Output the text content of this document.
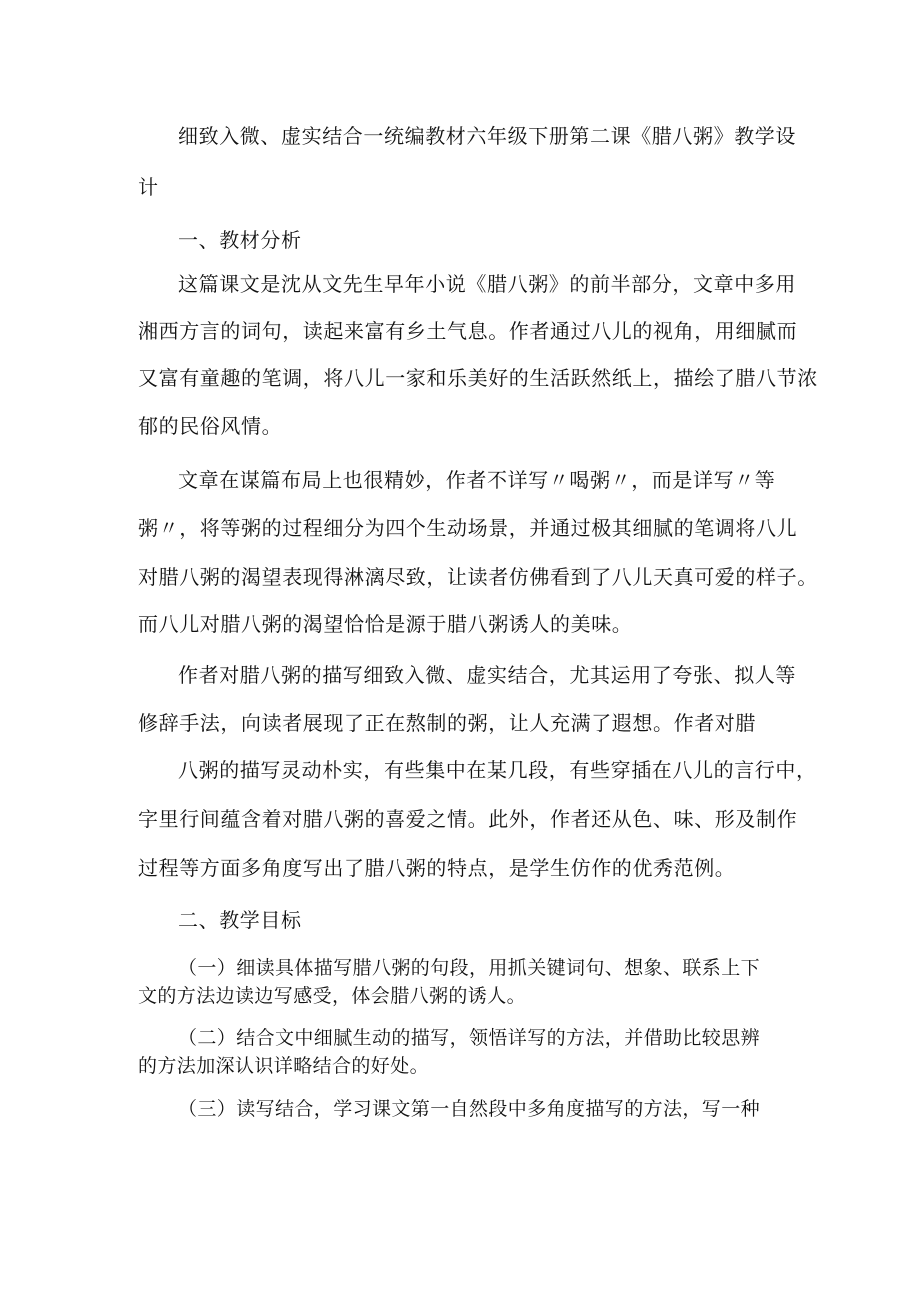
细致入微、虚实结合一统编教材六年级下册第二课《腊八粥》教学设
计
一、教材分析
这篇课文是沈从文先生早年小说《腊八粥》的前半部分，文章中多用
湘西方言的词句，读起来富有乡土气息。作者通过八儿的视角，用细腻而
又富有童趣的笔调，将八儿一家和乐美好的生活跃然纸上，描绘了腊八节浓
郁的民俗风情。
文章在谋篇布局上也很精妙，作者不详写〃喝粥〃，而是详写〃等
粥〃，将等粥的过程细分为四个生动场景，并通过极其细腻的笔调将八儿
对腊八粥的渴望表现得淋漓尽致，让读者仿佛看到了八儿天真可爱的样子。
而八儿对腊八粥的渴望恰恰是源于腊八粥诱人的美味。
作者对腊八粥的描写细致入微、虚实结合，尤其运用了夸张、拟人等
修辞手法，向读者展现了正在熬制的粥，让人充满了遐想。作者对腊
八粥的描写灵动朴实，有些集中在某几段，有些穿插在八儿的言行中，
字里行间蕴含着对腊八粥的喜爱之情。此外，作者还从色、味、形及制作
过程等方面多角度写出了腊八粥的特点，是学生仿作的优秀范例。
二、教学目标
（一）细读具体描写腊八粥的句段，用抓关键词句、想象、联系上下
文的方法边读边写感受，体会腊八粥的诱人。
（二）结合文中细腻生动的描写，领悟详写的方法，并借助比较思辨
的方法加深认识详略结合的好处。
（三）读写结合，学习课文第一自然段中多角度描写的方法，写一种
